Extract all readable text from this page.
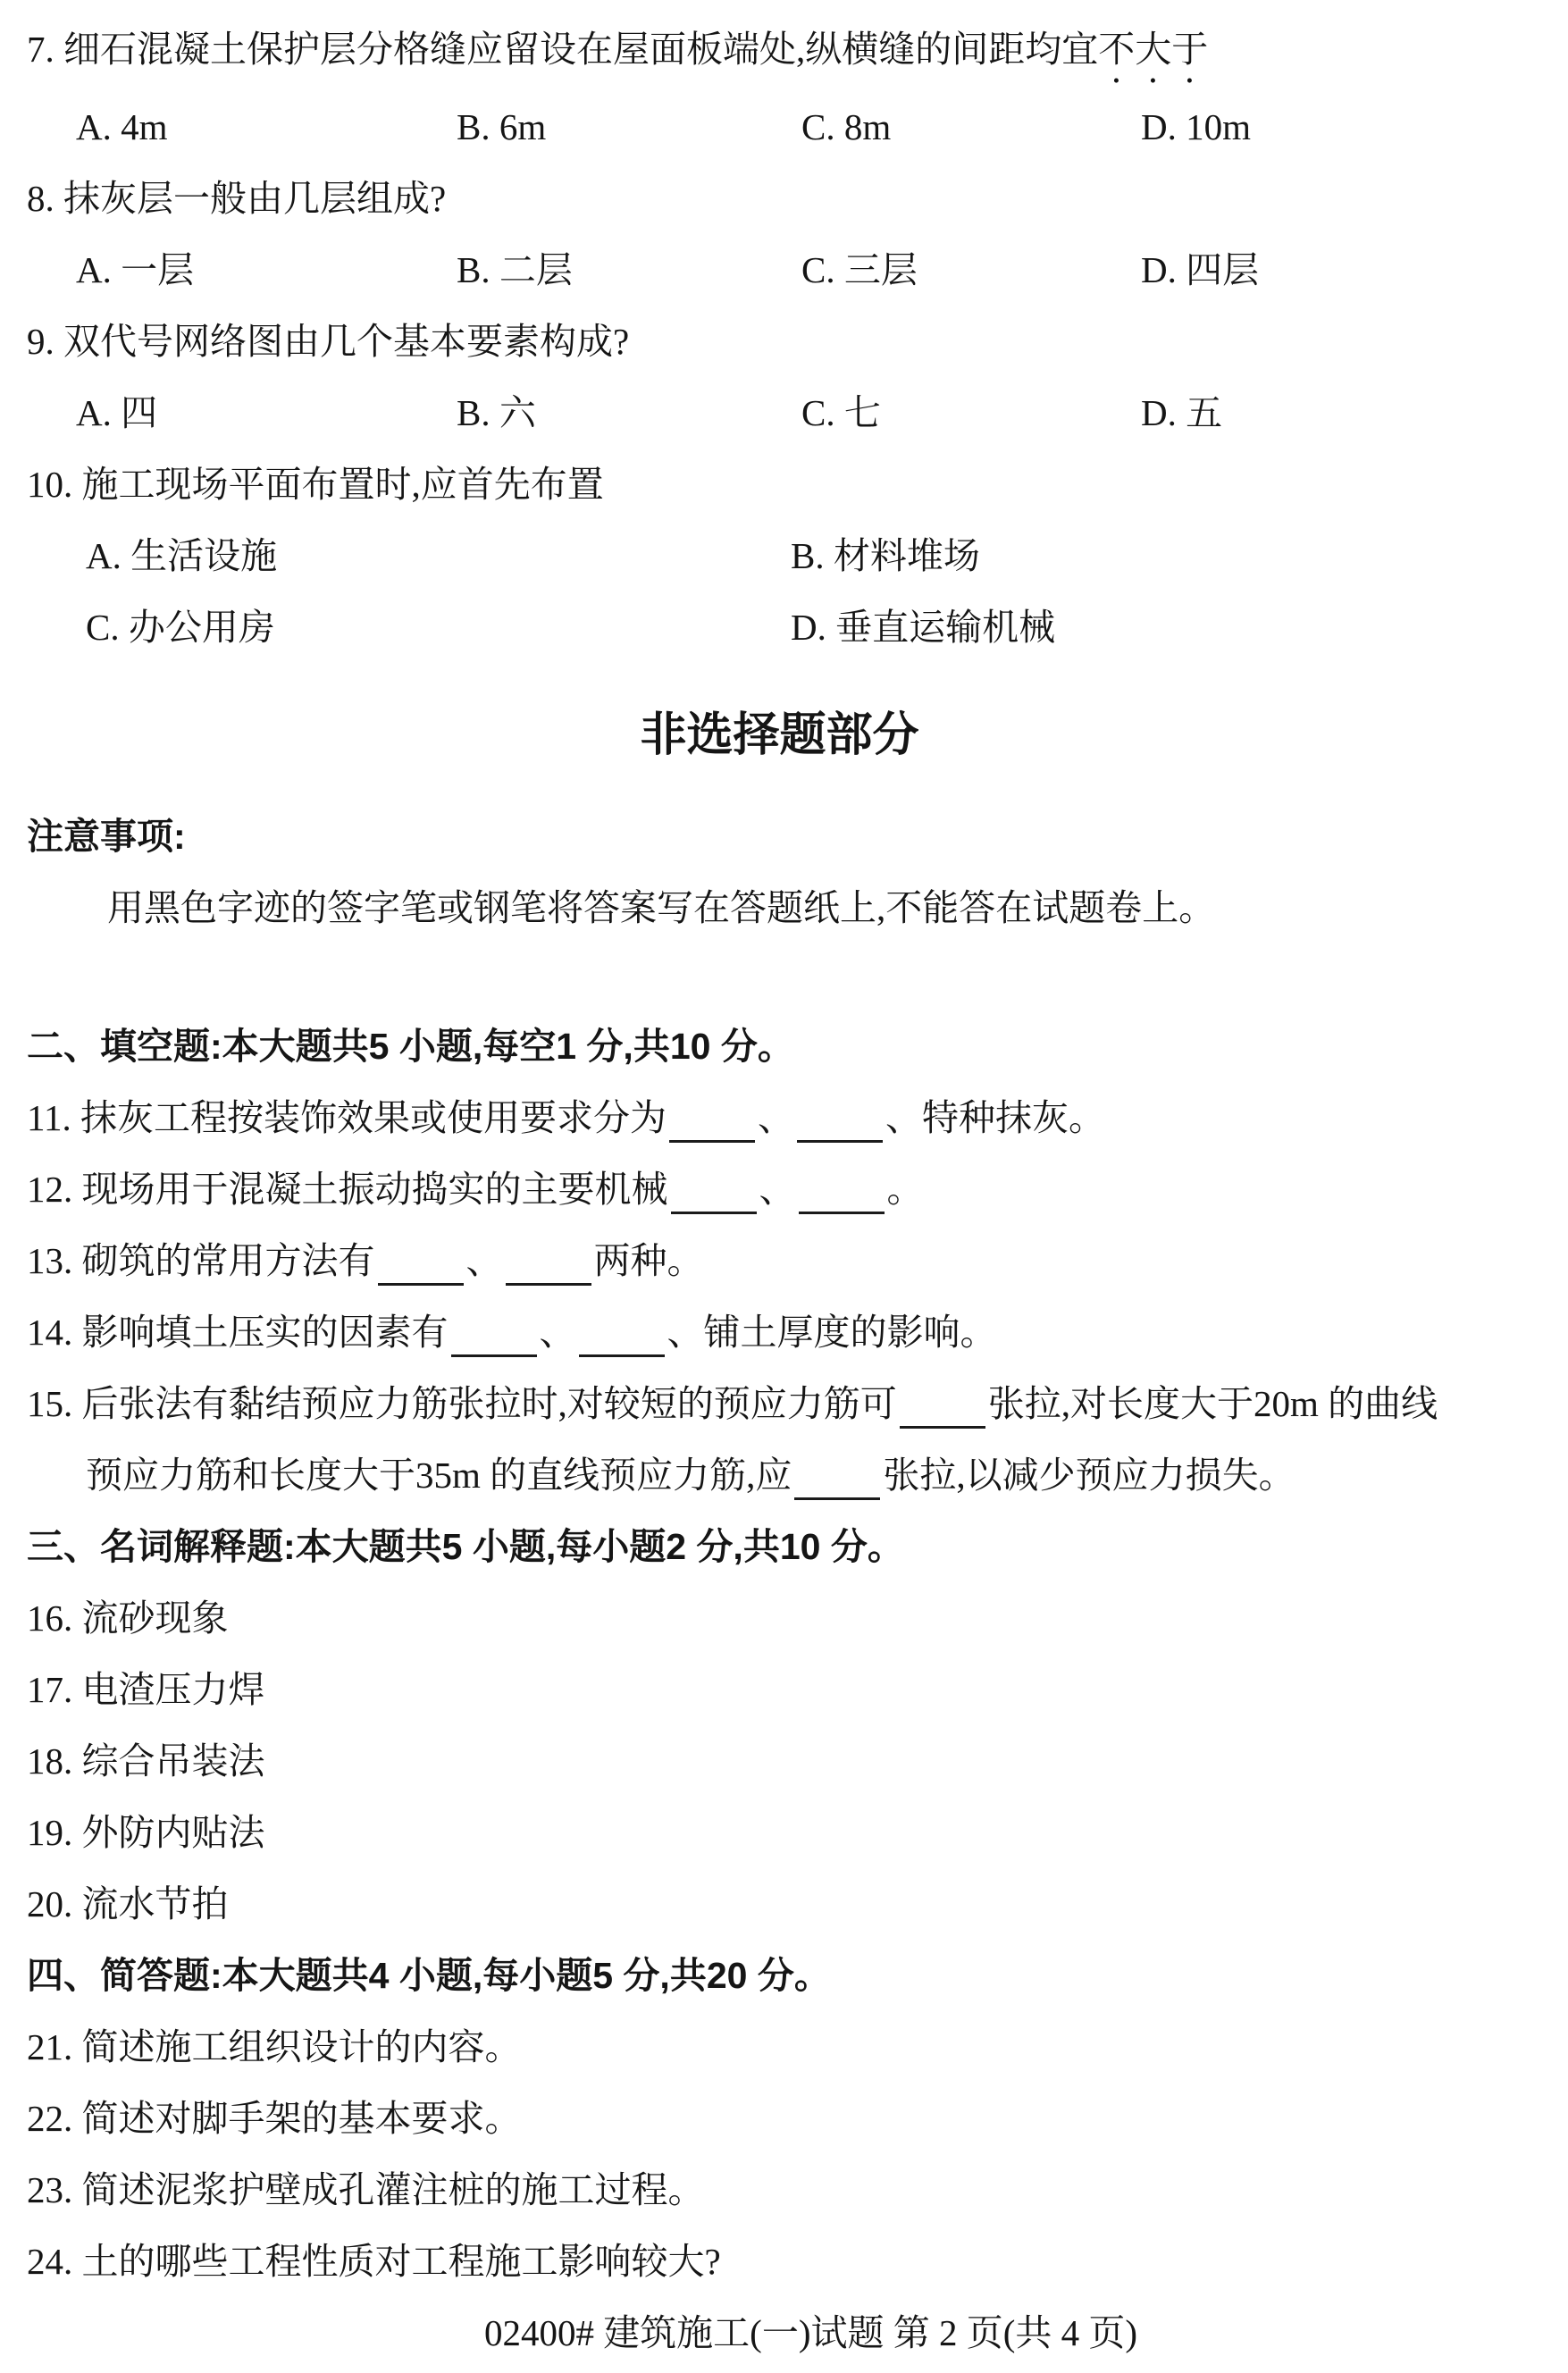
7. 细石混凝土保护层分格缝应留设在屋面板端处,纵横缝的间距均宜不大于

A. 4m	B. 6m	C. 8m	D. 10m

8. 抹灰层一般由几层组成?

A. 一层	B. 二层	C. 三层	D. 四层

9. 双代号网络图由几个基本要素构成?

A. 四	B. 六	C. 七	D. 五

10. 施工现场平面布置时,应首先布置

A. 生活设施	B. 材料堆场

C. 办公用房	D. 垂直运输机械

非选择题部分

注意事项:

用黑色字迹的签字笔或钢笔将答案写在答题纸上,不能答在试题卷上。

二、填空题:本大题共5 小题,每空1 分,共10 分。

11. 抹灰工程按装饰效果或使用要求分为 、 、特种抹灰。

12. 现场用于混凝土振动捣实的主要机械 、 。

13. 砌筑的常用方法有 、 两种。

14. 影响填土压实的因素有 、 、铺土厚度的影响。

15. 后张法有黏结预应力筋张拉时,对较短的预应力筋可 张拉,对长度大于20m 的曲线

预应力筋和长度大于35m 的直线预应力筋,应 张拉,以减少预应力损失。

三、名词解释题:本大题共5 小题,每小题2 分,共10 分。

16. 流砂现象

17. 电渣压力焊

18. 综合吊装法

19. 外防内贴法

20. 流水节拍

四、简答题:本大题共4 小题,每小题5 分,共20 分。

21. 简述施工组织设计的内容。

22. 简述对脚手架的基本要求。

23. 简述泥浆护壁成孔灌注桩的施工过程。

24. 土的哪些工程性质对工程施工影响较大?

02400# 建筑施工(一)试题 第 2 页(共 4 页)
